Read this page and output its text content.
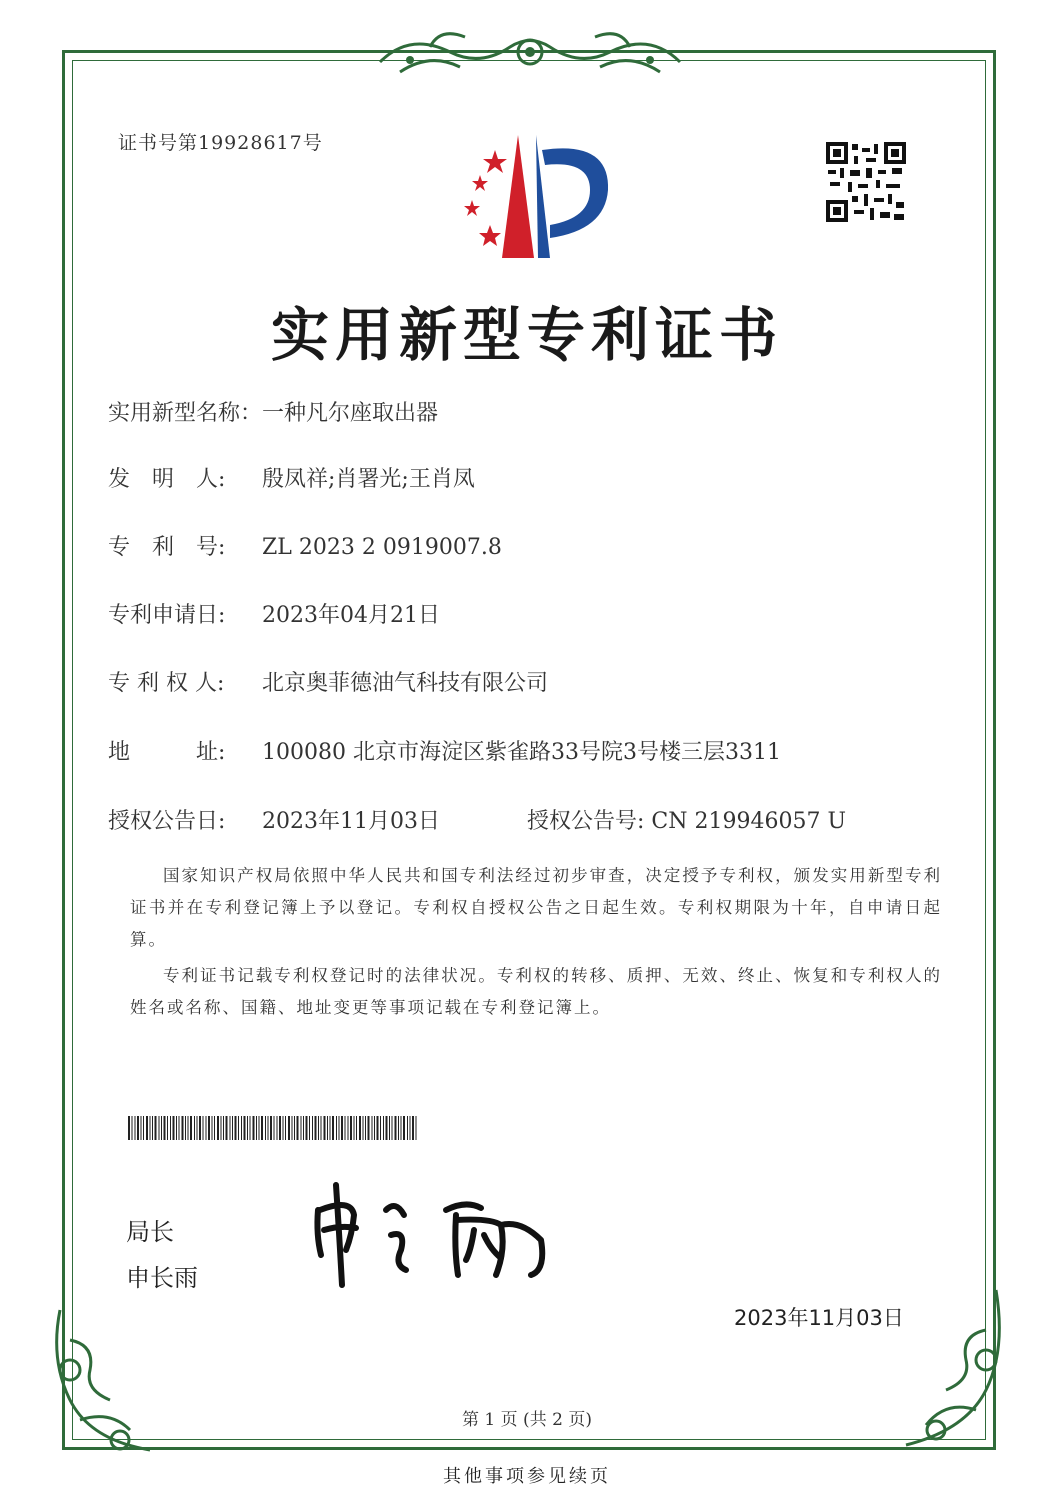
证书号第19928617号
实用新型专利证书
实用新型名称：一种凡尔座取出器
发　明　人: 殷凤祥;肖署光;王肖凤
专　利　号: ZL 2023 2 0919007.8
专利申请日: 2023年04月21日
专 利 权 人: 北京奥菲德油气科技有限公司
地　　　址: 100080 北京市海淀区紫雀路33号院3号楼三层3311
授权公告日: 2023年11月03日	授权公告号: CN 219946057 U
国家知识产权局依照中华人民共和国专利法经过初步审查，决定授予专利权，颁发实用新型专利证书并在专利登记簿上予以登记。专利权自授权公告之日起生效。专利权期限为十年，自申请日起算。
专利证书记载专利权登记时的法律状况。专利权的转移、质押、无效、终止、恢复和专利权人的姓名或名称、国籍、地址变更等事项记载在专利登记簿上。
局长
申长雨
2023年11月03日
第 1 页 (共 2 页)
其他事项参见续页
